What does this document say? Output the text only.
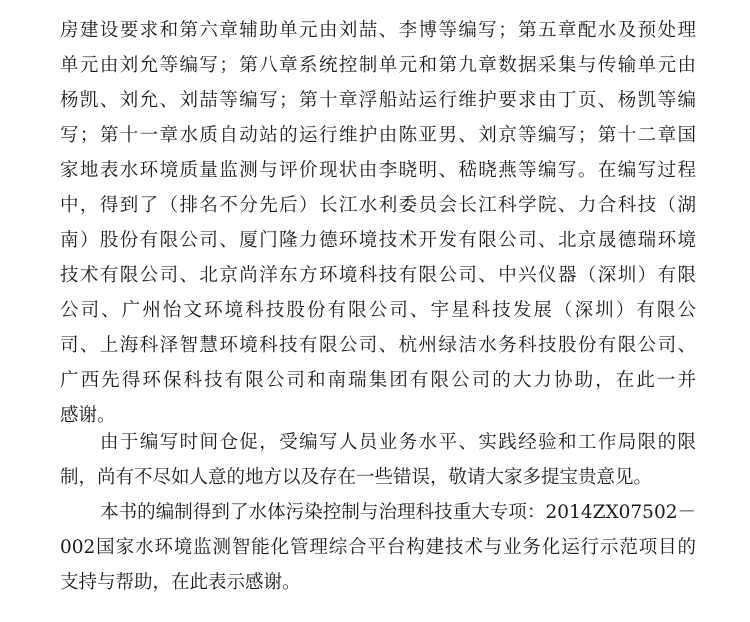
房建设要求和第六章辅助单元由刘喆、李博等编写；第五章配水及预处理
单元由刘允等编写；第八章系统控制单元和第九章数据采集与传输单元由
杨凯、刘允、刘喆等编写；第十章浮船站运行维护要求由丁页、杨凯等编
写；第十一章水质自动站的运行维护由陈亚男、刘京等编写；第十二章国
家地表水环境质量监测与评价现状由李晓明、嵇晓燕等编写。在编写过程
中，得到了（排名不分先后）长江水利委员会长江科学院、力合科技（湖
南）股份有限公司、厦门隆力德环境技术开发有限公司、北京晟德瑞环境
技术有限公司、北京尚洋东方环境科技有限公司、中兴仪器（深圳）有限
公司、广州怡文环境科技股份有限公司、宇星科技发展（深圳）有限公
司、上海科泽智慧环境科技有限公司、杭州绿洁水务科技股份有限公司、
广西先得环保科技有限公司和南瑞集团有限公司的大力协助，在此一并
感谢。
由于编写时间仓促，受编写人员业务水平、实践经验和工作局限的限
制，尚有不尽如人意的地方以及存在一些错误，敬请大家多提宝贵意见。
本书的编制得到了水体污染控制与治理科技重大专项：2014ZX07502－
002国家水环境监测智能化管理综合平台构建技术与业务化运行示范项目的
支持与帮助，在此表示感谢。
